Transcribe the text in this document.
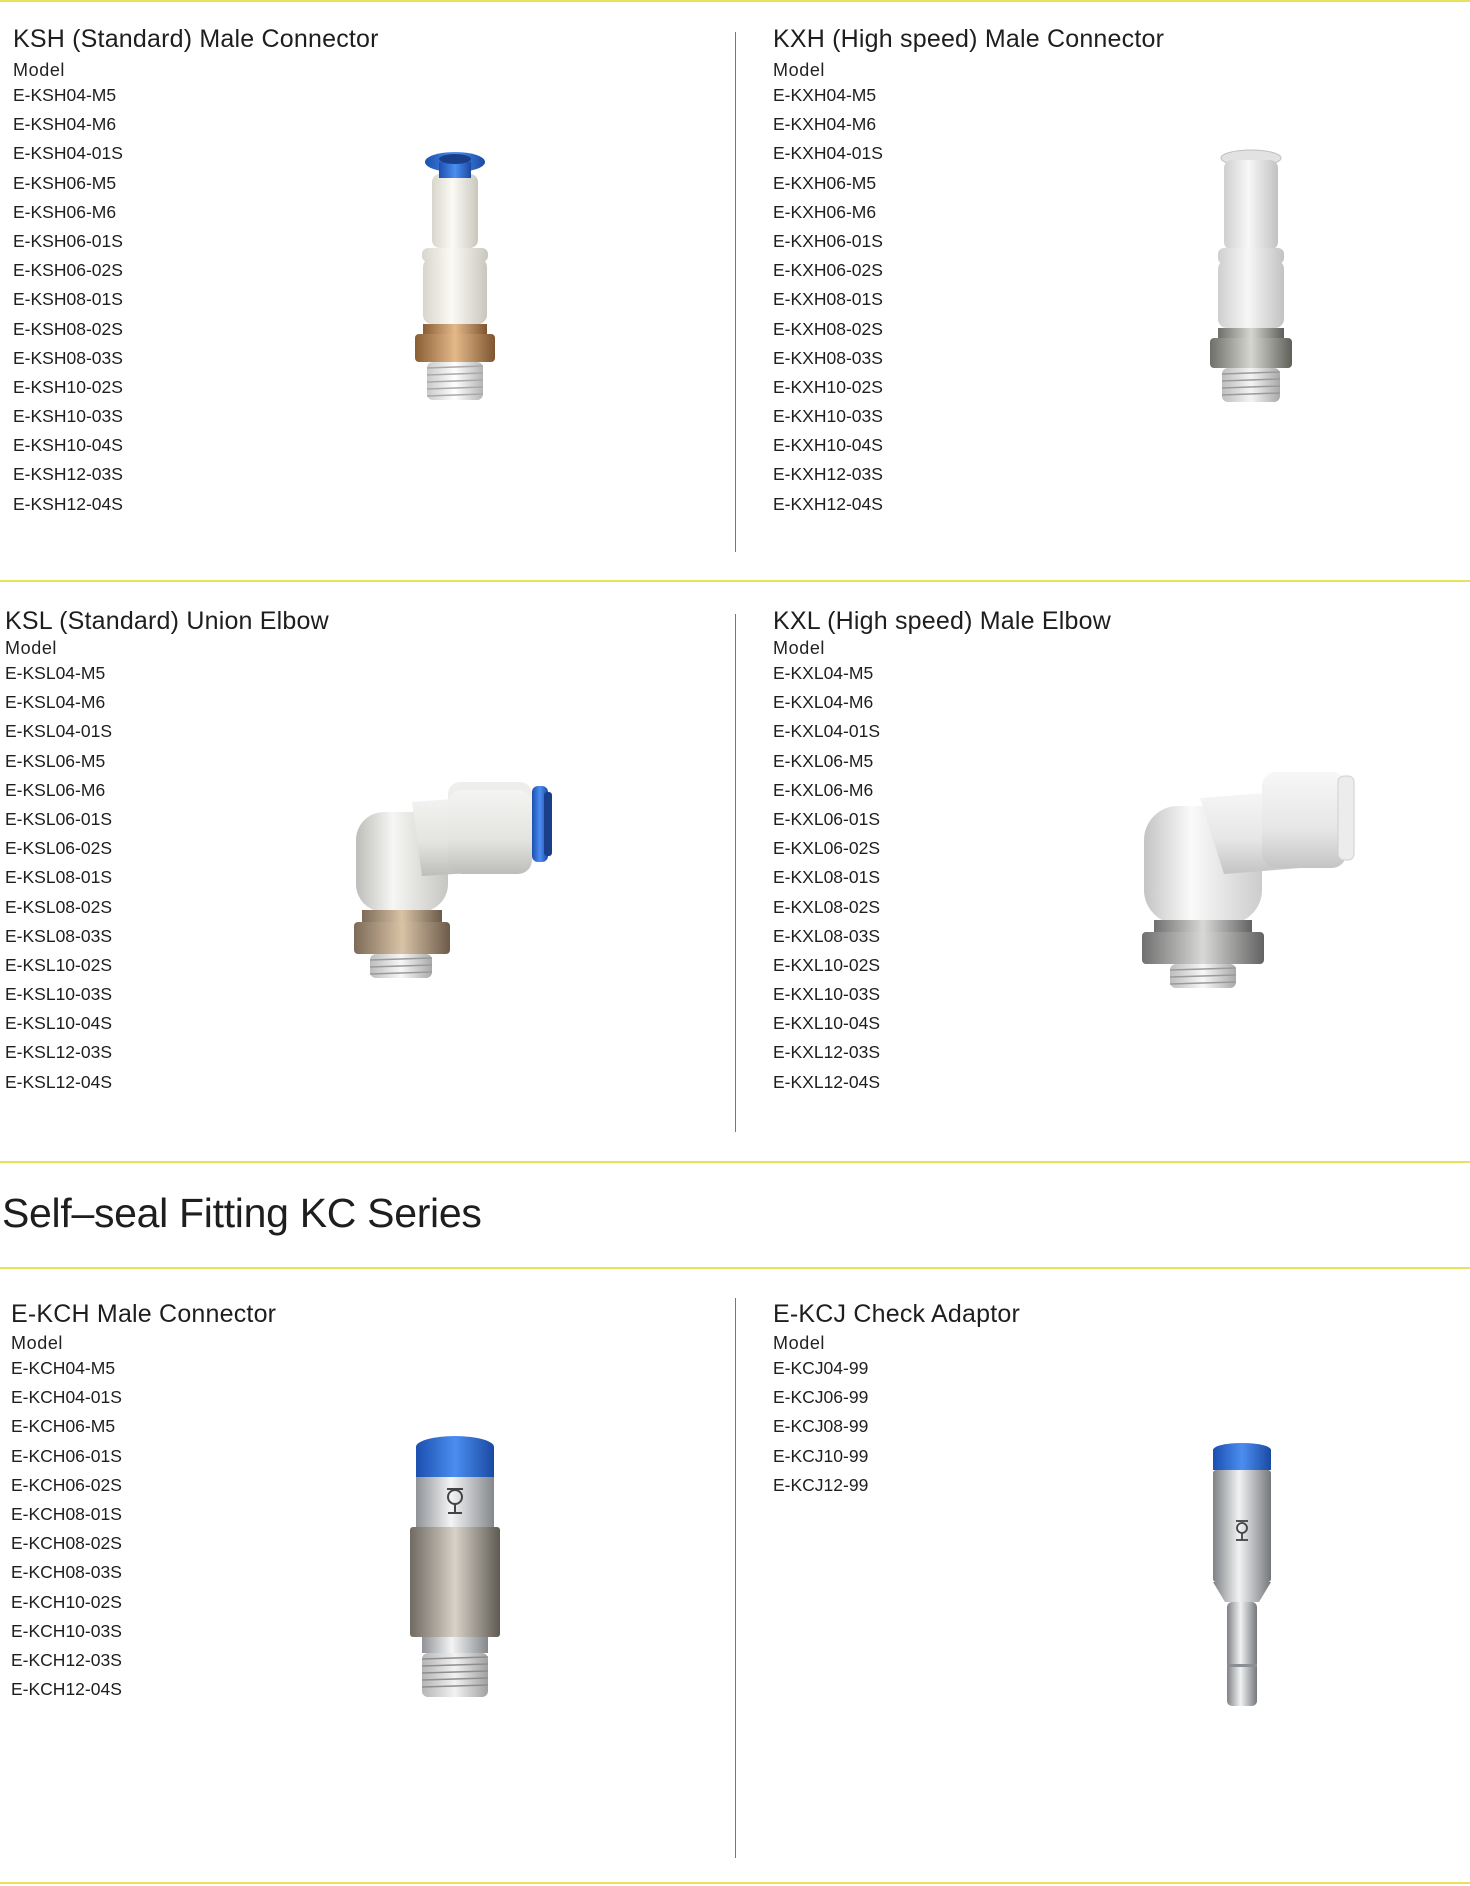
KSH (Standard) Male Connector
Model
E-KSH04-M5
E-KSH04-M6
E-KSH04-01S
E-KSH06-M5
E-KSH06-M6
E-KSH06-01S
E-KSH06-02S
E-KSH08-01S
E-KSH08-02S
E-KSH08-03S
E-KSH10-02S
E-KSH10-03S
E-KSH10-04S
E-KSH12-03S
E-KSH12-04S
KXH (High speed) Male Connector
Model
E-KXH04-M5
E-KXH04-M6
E-KXH04-01S
E-KXH06-M5
E-KXH06-M6
E-KXH06-01S
E-KXH06-02S
E-KXH08-01S
E-KXH08-02S
E-KXH08-03S
E-KXH10-02S
E-KXH10-03S
E-KXH10-04S
E-KXH12-03S
E-KXH12-04S
KSL (Standard) Union Elbow
Model
E-KSL04-M5
E-KSL04-M6
E-KSL04-01S
E-KSL06-M5
E-KSL06-M6
E-KSL06-01S
E-KSL06-02S
E-KSL08-01S
E-KSL08-02S
E-KSL08-03S
E-KSL10-02S
E-KSL10-03S
E-KSL10-04S
E-KSL12-03S
E-KSL12-04S
KXL (High speed) Male Elbow
Model
E-KXL04-M5
E-KXL04-M6
E-KXL04-01S
E-KXL06-M5
E-KXL06-M6
E-KXL06-01S
E-KXL06-02S
E-KXL08-01S
E-KXL08-02S
E-KXL08-03S
E-KXL10-02S
E-KXL10-03S
E-KXL10-04S
E-KXL12-03S
E-KXL12-04S
Self–seal Fitting KC Series
E-KCH Male Connector
Model
E-KCH04-M5
E-KCH04-01S
E-KCH06-M5
E-KCH06-01S
E-KCH06-02S
E-KCH08-01S
E-KCH08-02S
E-KCH08-03S
E-KCH10-02S
E-KCH10-03S
E-KCH12-03S
E-KCH12-04S
E-KCJ Check Adaptor
Model
E-KCJ04-99
E-KCJ06-99
E-KCJ08-99
E-KCJ10-99
E-KCJ12-99
